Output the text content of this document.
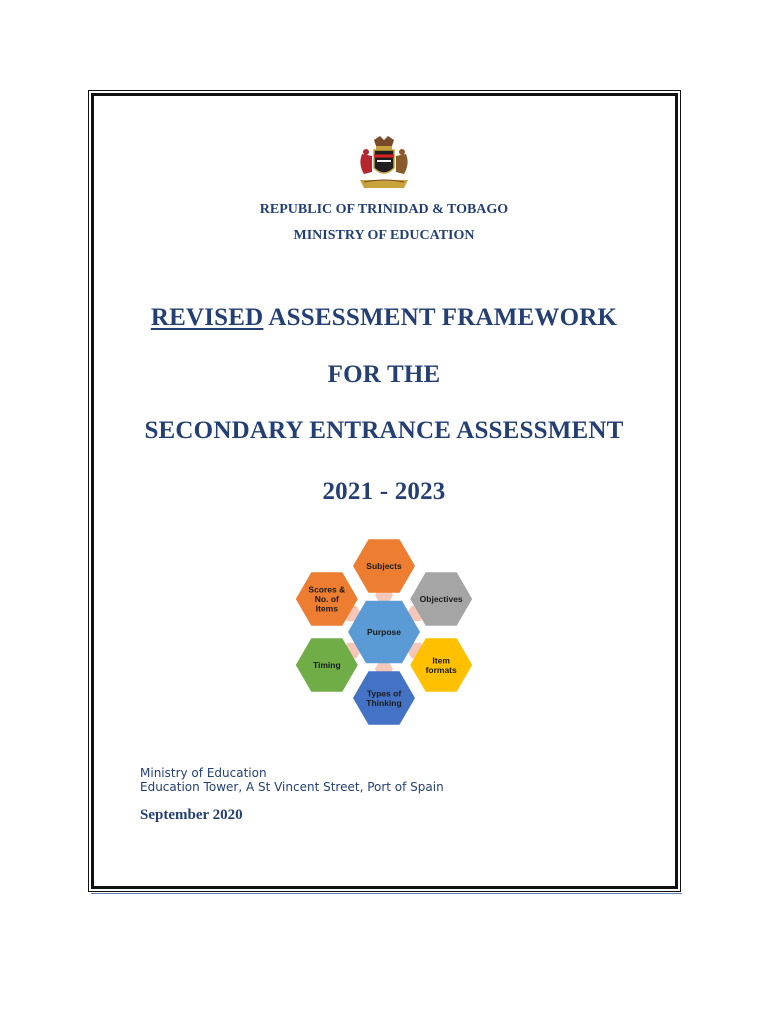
REPUBLIC OF TRINIDAD & TOBAGO
MINISTRY OF EDUCATION
REVISED ASSESSMENT FRAMEWORK
FOR THE
SECONDARY ENTRANCE ASSESSMENT
2021 - 2023
Subjects
Objectives
Item formats
Types of Thinking
Timing
Scores & No. of Items
Purpose
Ministry of Education
Education Tower, A St Vincent Street, Port of Spain
September 2020
